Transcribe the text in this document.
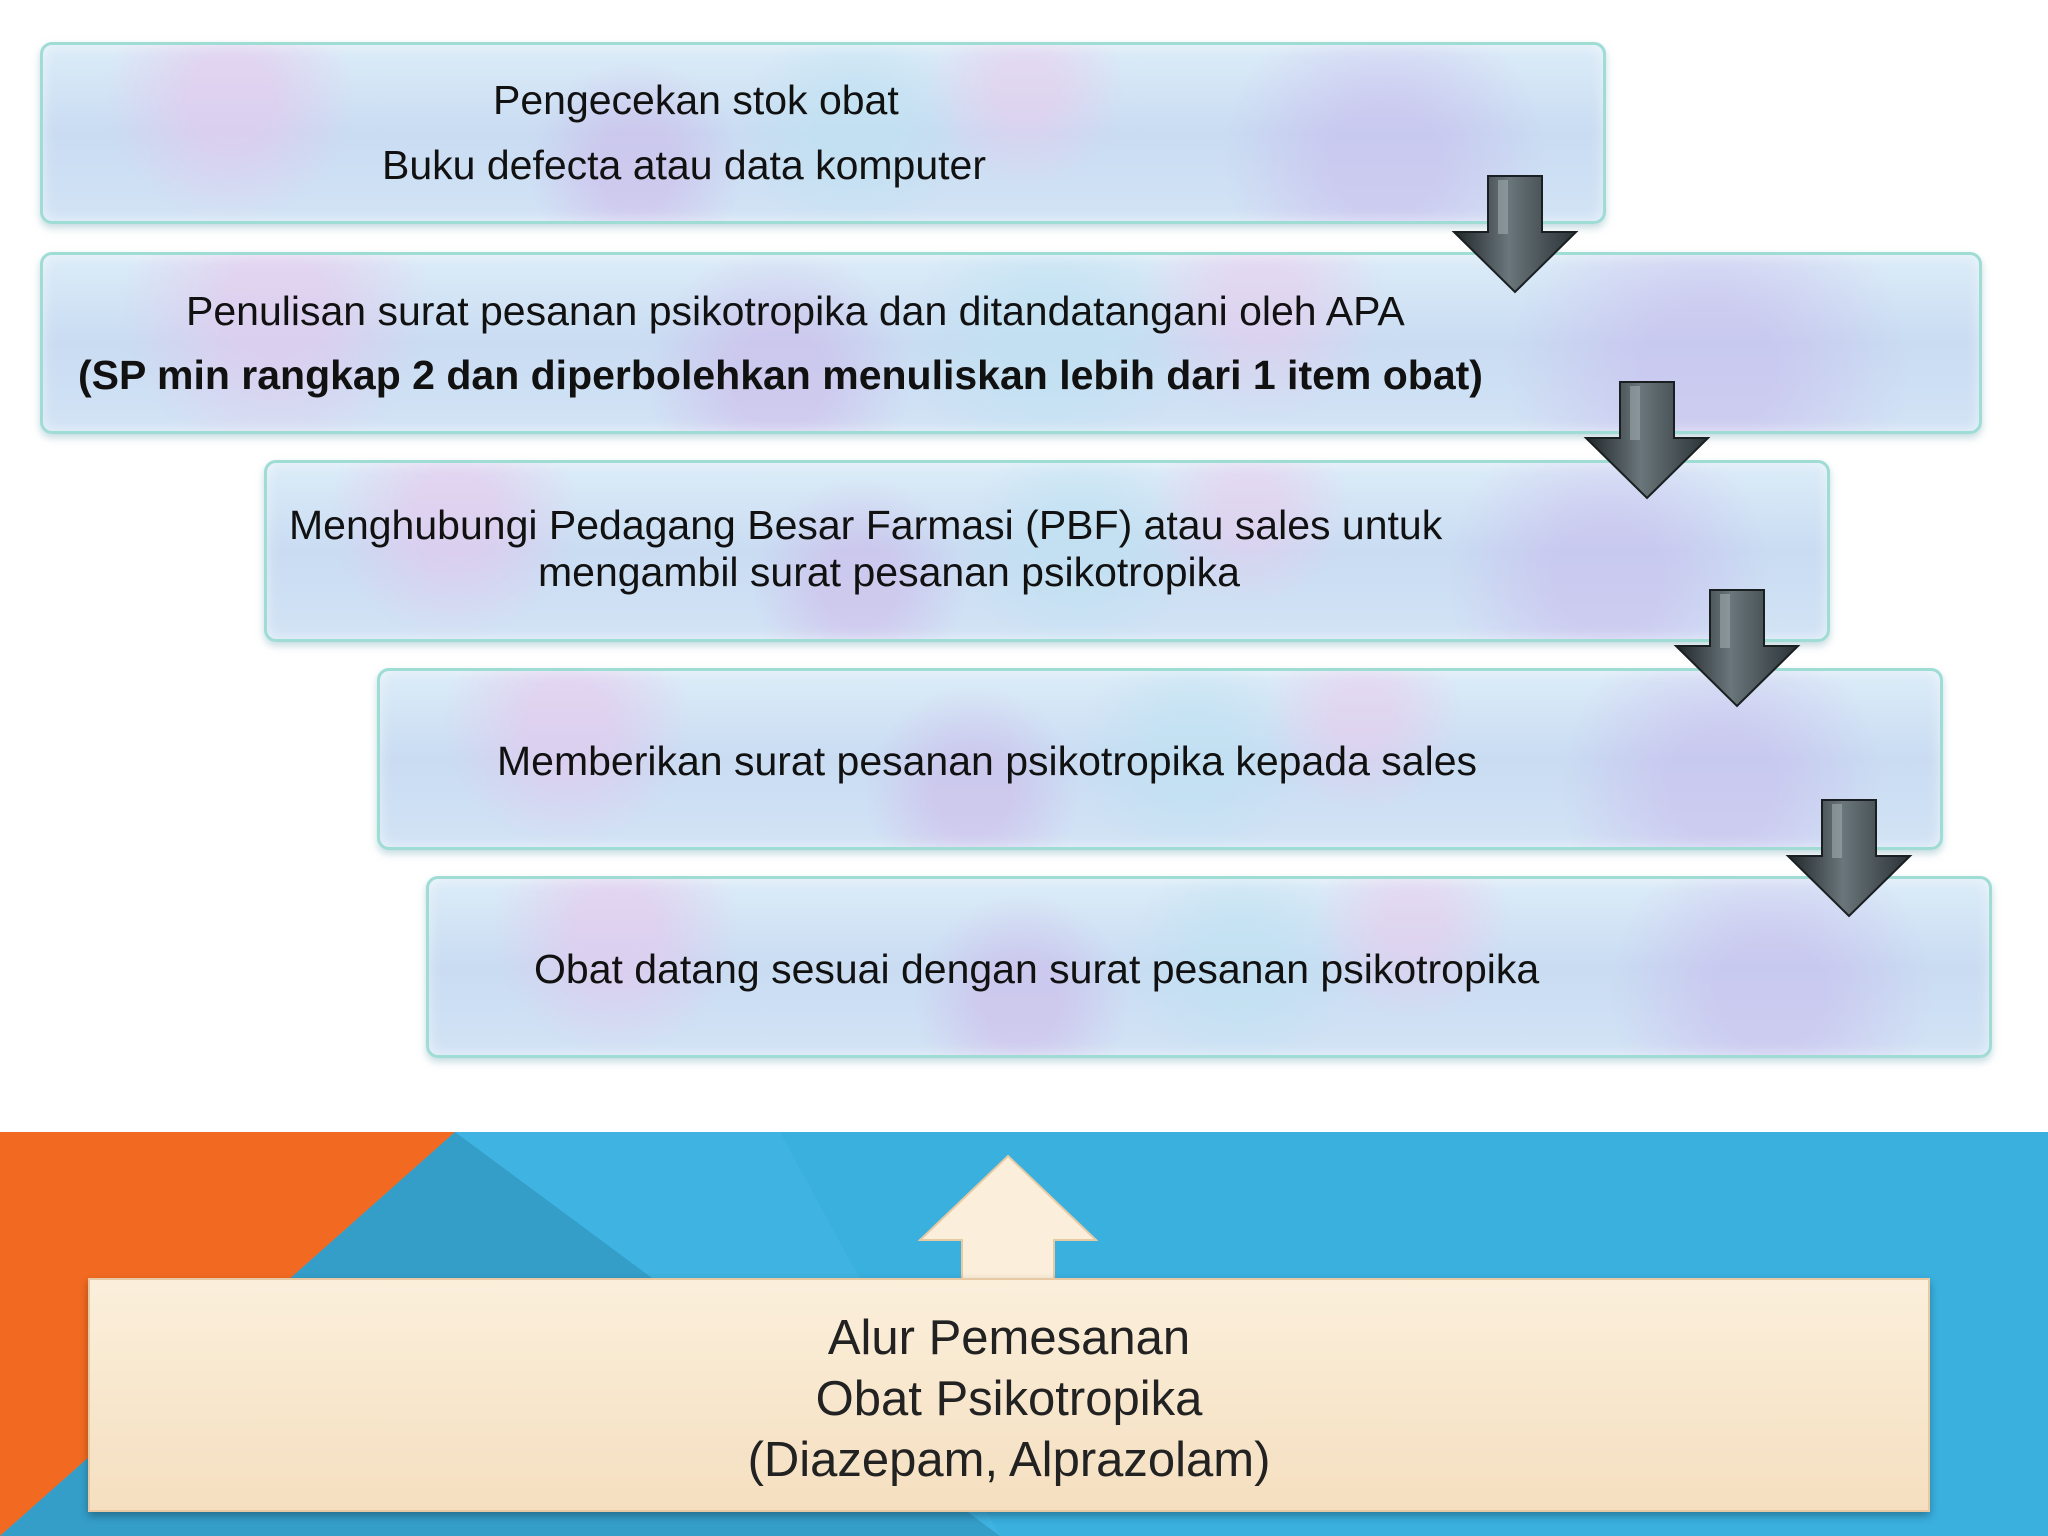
Pengecekan stok obat

Buku defecta atau data komputer

Penulisan surat pesanan psikotropika dan ditandatangani oleh APA

(SP min rangkap 2 dan diperbolehkan menuliskan lebih dari 1 item obat)

Menghubungi Pedagang Besar Farmasi (PBF) atau sales untuk

mengambil surat pesanan psikotropika

Memberikan surat pesanan psikotropika kepada sales

Obat datang sesuai dengan surat pesanan psikotropika

Alur Pemesanan

Obat Psikotropika

(Diazepam, Alprazolam)
